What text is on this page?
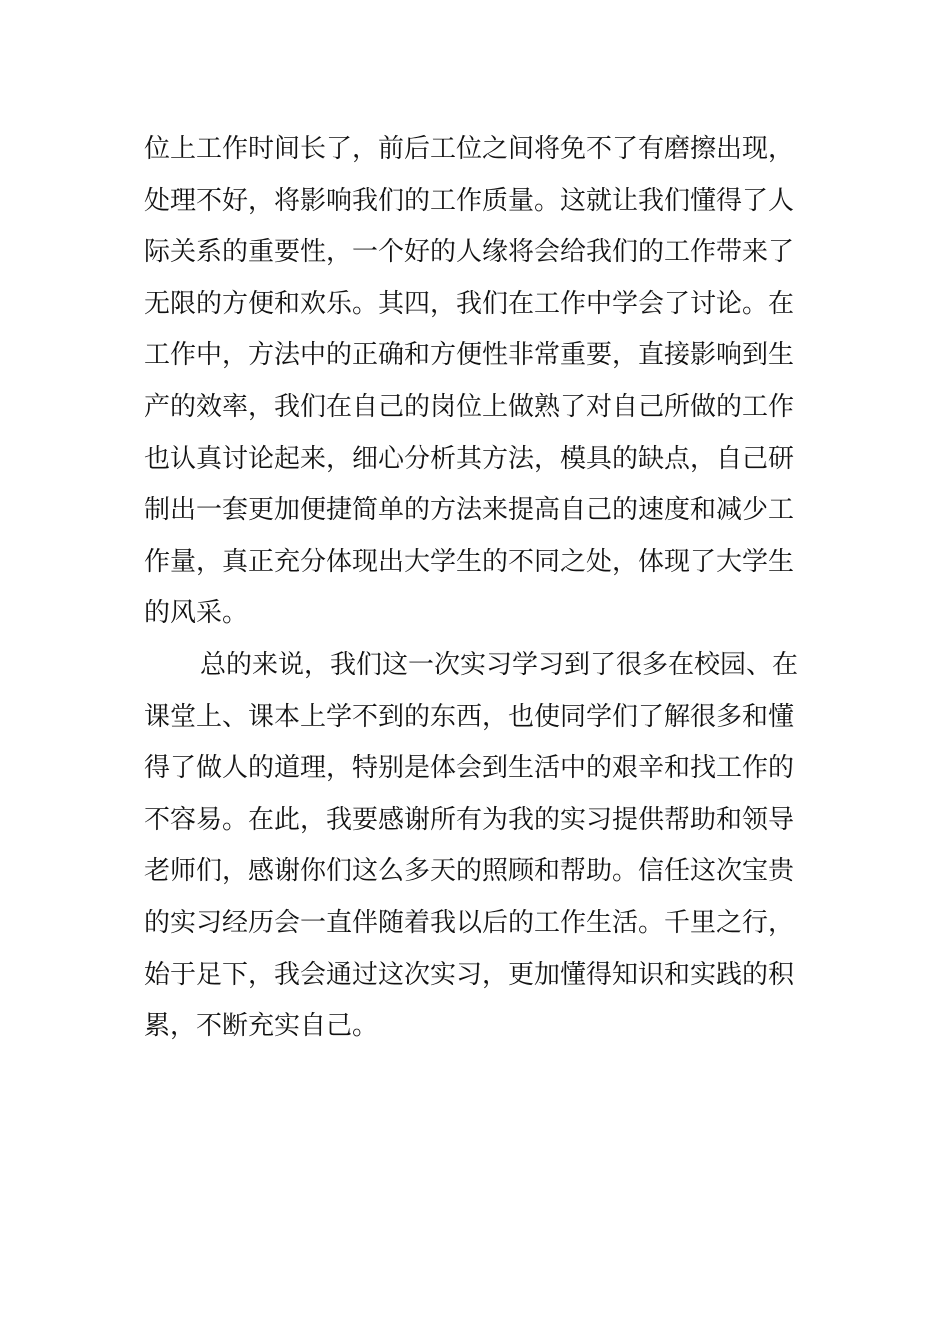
位上工作时间长了，前后工位之间将免不了有磨擦出现，
处理不好，将影响我们的工作质量。这就让我们懂得了人
际关系的重要性，一个好的人缘将会给我们的工作带来了
无限的方便和欢乐。其四，我们在工作中学会了讨论。在
工作中，方法中的正确和方便性非常重要，直接影响到生
产的效率，我们在自己的岗位上做熟了对自己所做的工作
也认真讨论起来，细心分析其方法，模具的缺点，自己研
制出一套更加便捷简单的方法来提高自己的速度和减少工
作量，真正充分体现出大学生的不同之处，体现了大学生
的风采。
总的来说，我们这一次实习学习到了很多在校园、在
课堂上、课本上学不到的东西，也使同学们了解很多和懂
得了做人的道理，特别是体会到生活中的艰辛和找工作的
不容易。在此，我要感谢所有为我的实习提供帮助和领导
老师们，感谢你们这么多天的照顾和帮助。信任这次宝贵
的实习经历会一直伴随着我以后的工作生活。千里之行，
始于足下，我会通过这次实习，更加懂得知识和实践的积
累，不断充实自己。
